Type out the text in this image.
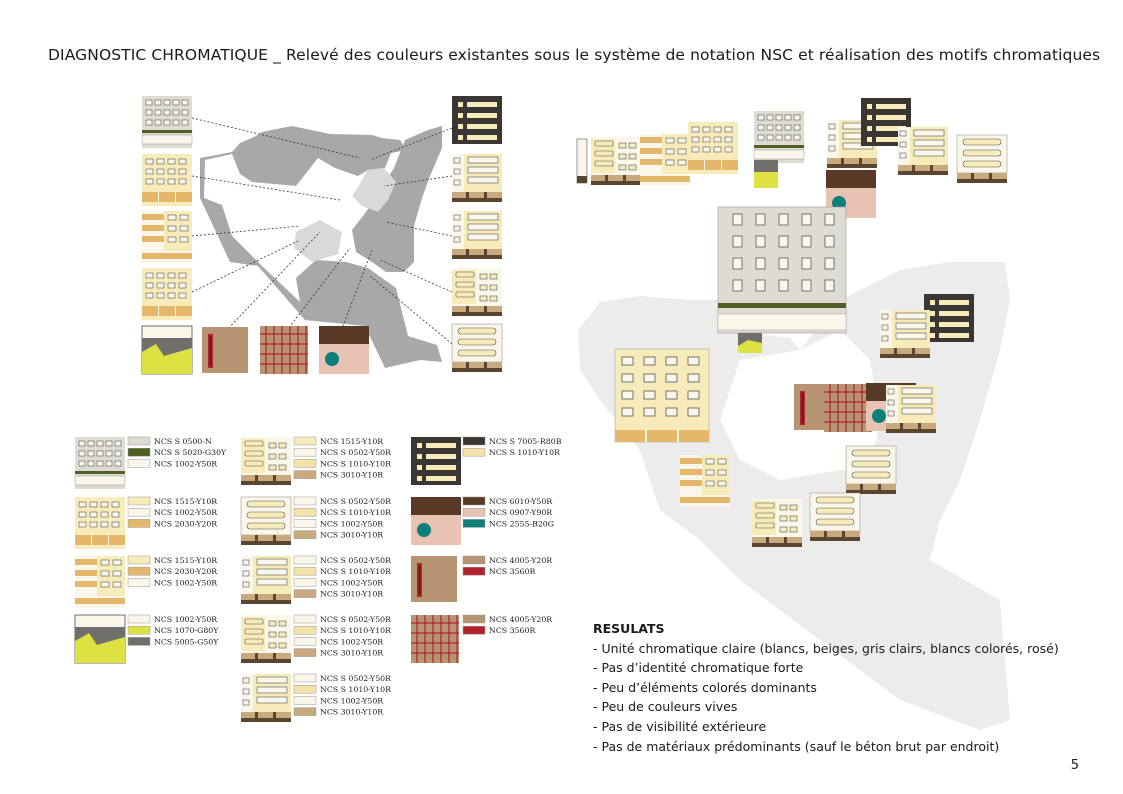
DIAGNOSTIC CHROMATIQUE _ Relevé des couleurs existantes sous le système de notation NSC et réalisation des motifs chromatiques
NCS S 0500-N
NCS S 5020-G30Y
NCS 1002-Y50R
NCS 1515-Y10R
NCS 1002-Y50R
NCS 2030-Y20R
NCS 1515-Y10R
NCS 2030-Y20R
NCS 1002-Y50R
NCS 1002-Y50R
NCS 1070-G80Y
NCS 5005-G50Y
NCS 1515-Y10R
NCS S 0502-Y50R
NCS S 1010-Y10R
NCS 3010-Y10R
NCS S 0502-Y50R
NCS S 1010-Y10R
NCS 1002-Y50R
NCS 3010-Y10R
NCS S 0502-Y50R
NCS S 1010-Y10R
NCS 1002-Y50R
NCS 3010-Y10R
NCS S 0502-Y50R
NCS S 1010-Y10R
NCS 1002-Y50R
NCS 3010-Y10R
NCS S 0502-Y50R
NCS S 1010-Y10R
NCS 1002-Y50R
NCS 3010-Y10R
NCS S 7005-R80B
NCS S 1010-Y10R
NCS 6010-Y50R
NCS 0907-Y90R
NCS 2555-B20G
NCS 4005-Y20R
NCS 3560R
NCS 4005-Y20R
NCS 3560R	RESULATS
- Unité chromatique claire (blancs, beiges, gris clairs, blancs colorés, rosé)
- Pas d’identité chromatique forte
- Peu d’éléments colorés dominants
- Peu de couleurs vives
- Pas de visibilité extérieure
- Pas de matériaux prédominants (sauf le béton brut par endroit)
5
